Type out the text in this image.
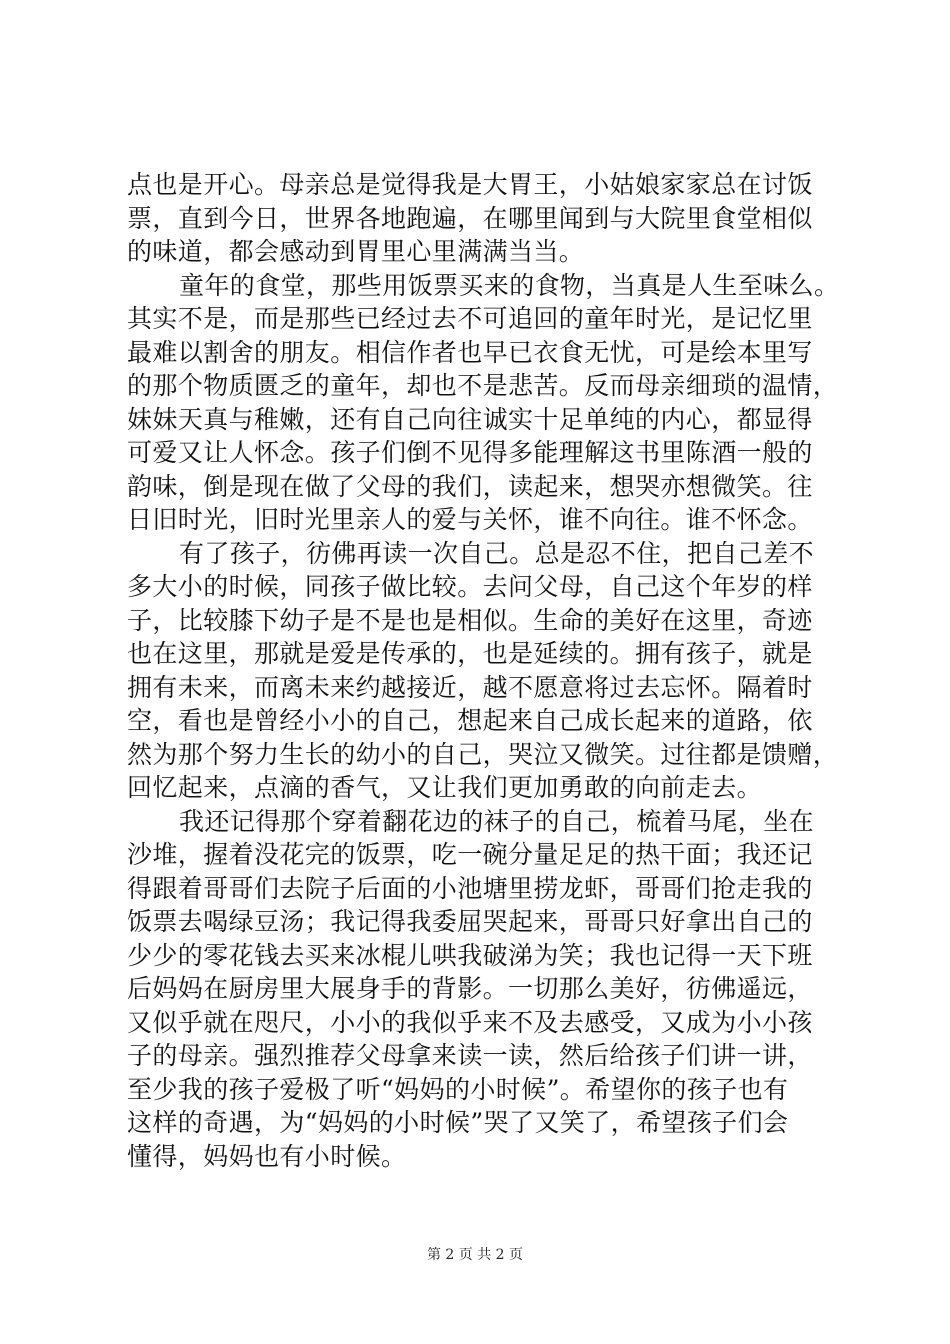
点也是开心。母亲总是觉得我是大胃王，小姑娘家家总在讨饭
票，直到今日，世界各地跑遍，在哪里闻到与大院里食堂相似
的味道，都会感动到胃里心里满满当当。
童年的食堂，那些用饭票买来的食物，当真是人生至味么。
其实不是，而是那些已经过去不可追回的童年时光，是记忆里
最难以割舍的朋友。相信作者也早已衣食无忧，可是绘本里写
的那个物质匮乏的童年，却也不是悲苦。反而母亲细琐的温情，
妹妹天真与稚嫩，还有自己向往诚实十足单纯的内心，都显得
可爱又让人怀念。孩子们倒不见得多能理解这书里陈酒一般的
韵味，倒是现在做了父母的我们，读起来，想哭亦想微笑。往
日旧时光，旧时光里亲人的爱与关怀，谁不向往。谁不怀念。
有了孩子，彷佛再读一次自己。总是忍不住，把自己差不
多大小的时候，同孩子做比较。去问父母，自己这个年岁的样
子，比较膝下幼子是不是也是相似。生命的美好在这里，奇迹
也在这里，那就是爱是传承的，也是延续的。拥有孩子，就是
拥有未来，而离未来约越接近，越不愿意将过去忘怀。隔着时
空，看也是曾经小小的自己，想起来自己成长起来的道路，依
然为那个努力生长的幼小的自己，哭泣又微笑。过往都是馈赠，
回忆起来，点滴的香气，又让我们更加勇敢的向前走去。
我还记得那个穿着翻花边的袜子的自己，梳着马尾，坐在
沙堆，握着没花完的饭票，吃一碗分量足足的热干面；我还记
得跟着哥哥们去院子后面的小池塘里捞龙虾，哥哥们抢走我的
饭票去喝绿豆汤；我记得我委屈哭起来，哥哥只好拿出自己的
少少的零花钱去买来冰棍儿哄我破涕为笑；我也记得一天下班
后妈妈在厨房里大展身手的背影。一切那么美好，彷佛遥远，
又似乎就在咫尺，小小的我似乎来不及去感受，又成为小小孩
子的母亲。强烈推荐父母拿来读一读，然后给孩子们讲一讲，
至少我的孩子爱极了听“妈妈的小时候”。希望你的孩子也有
这样的奇遇，为“妈妈的小时候”哭了又笑了，希望孩子们会
懂得，妈妈也有小时候。
第 2 页 共 2 页
